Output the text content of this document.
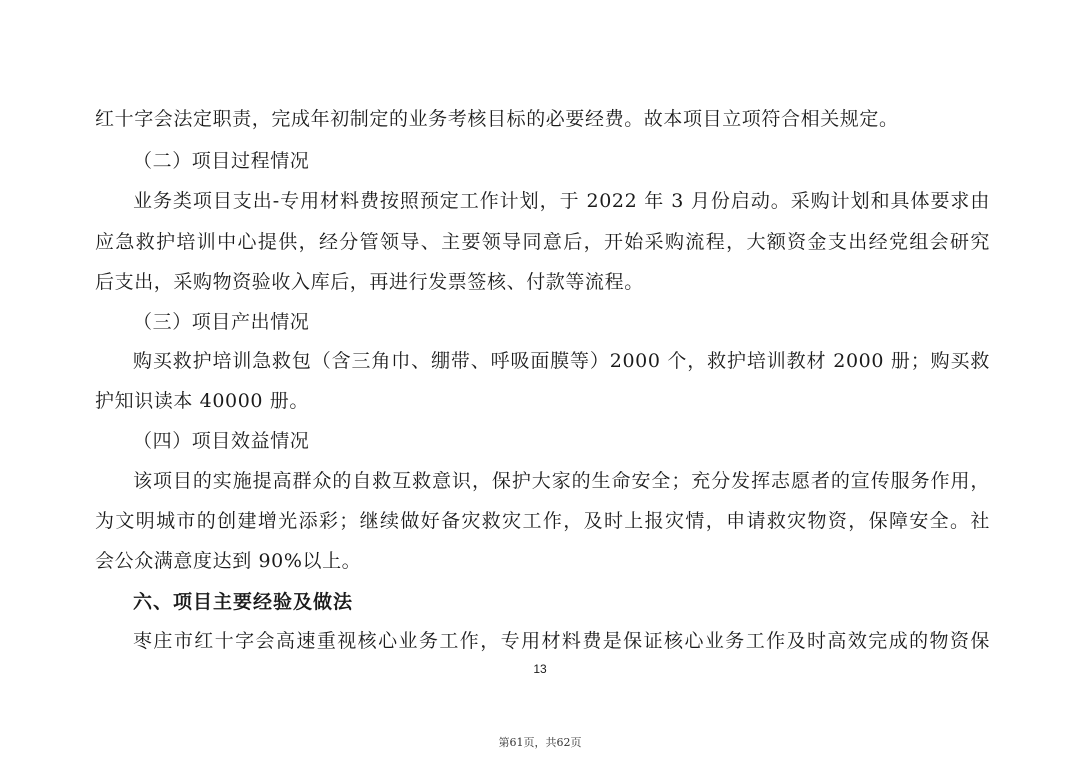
红十字会法定职责，完成年初制定的业务考核目标的必要经费。故本项目立项符合相关规定。
（二）项目过程情况
业务类项目支出-专用材料费按照预定工作计划，于 2022 年 3 月份启动。采购计划和具体要求由
应急救护培训中心提供，经分管领导、主要领导同意后，开始采购流程，大额资金支出经党组会研究
后支出，采购物资验收入库后，再进行发票签核、付款等流程。
（三）项目产出情况
购买救护培训急救包（含三角巾、绷带、呼吸面膜等）2000 个，救护培训教材 2000 册；购买救
护知识读本 40000 册。
（四）项目效益情况
该项目的实施提高群众的自救互救意识，保护大家的生命安全；充分发挥志愿者的宣传服务作用，
为文明城市的创建增光添彩；继续做好备灾救灾工作，及时上报灾情，申请救灾物资，保障安全。社
会公众满意度达到 90%以上。
六、项目主要经验及做法
枣庄市红十字会高速重视核心业务工作，专用材料费是保证核心业务工作及时高效完成的物资保
13
第61页，共62页
